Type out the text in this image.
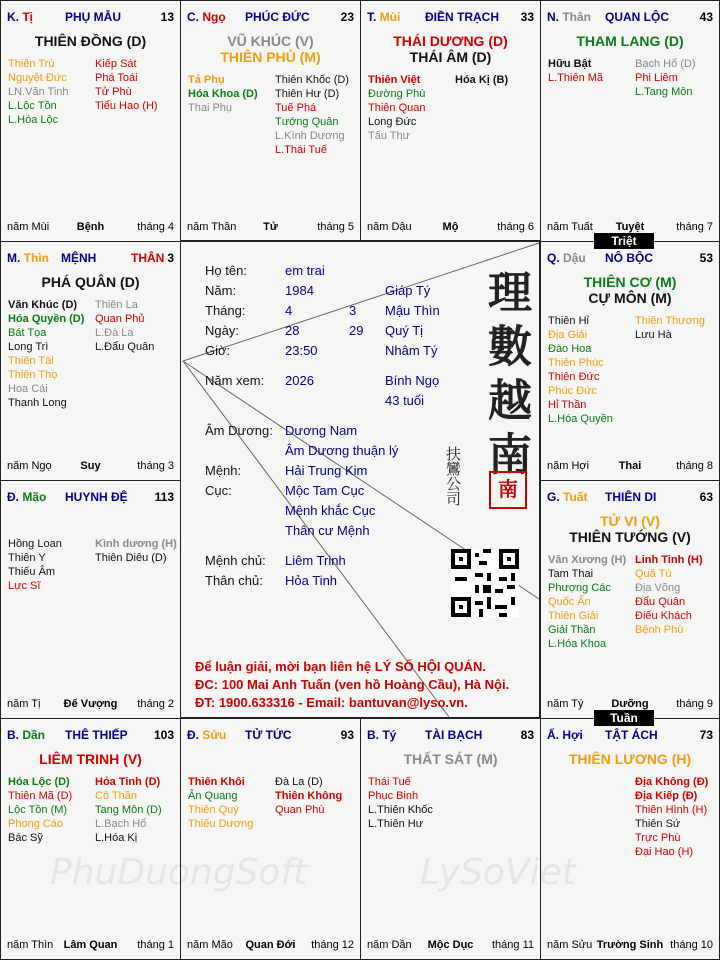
PhuDuongSoft	LySoViet
K. Tị	PHỤ MẪU	13
THIÊN ĐỒNG (D)
Thiên Trù
Nguyệt Đức
LN.Văn Tinh
L.Lộc Tồn
L.Hóa Lộc
Kiếp Sát
Phá Toái
Tử Phù
Tiểu Hao (H)
năm Mùi	Bệnh	tháng 4
C. Ngọ PHÚC ĐỨC	23
VŨ KHÚC (V)
THIÊN PHỦ (M)
Tả Phụ
Hóa Khoa (D)
Thai Phụ
Thiên Khốc (D)
Thiên Hư (D)
Tuế Phá
Tướng Quân
L.Kình Dương
L.Thái Tuế
năm Thân	Tử	tháng 5
T. Mùi ĐIỀN TRẠCH 33
THÁI DƯƠNG (D)
THÁI ÂM (D)
Thiên Việt
Đường Phù
Thiên Quan
Long Đức
Tấu Thư
Hóa Kị (B)
năm Dậu	Mộ	tháng 6
N. Thân QUAN LỘC	43
THAM LANG (D)
Hữu Bật
L.Thiên Mã
Bạch Hổ (D)
Phi Liêm
L.Tang Môn
năm Tuất	Tuyệt	tháng 7
M. Thìn MỆNH	THÂN 3
PHÁ QUÂN (D)
Văn Khúc (D)
Hóa Quyền (D)
Bát Tọa
Long Trì
Thiên Tài
Thiên Thọ
Hoa Cái
Thanh Long
Thiên La
Quan Phủ
L.Đà La
L.Đẩu Quân
năm Ngọ	Suy	tháng 3
Q. Dậu NÔ BỘC	53
THIÊN CƠ (M)
CỰ MÔN (M)
Thiên Hỉ
Địa Giải
Đào Hoa
Thiên Phúc
Thiên Đức
Phúc Đức
Hỉ Thần
L.Hóa Quyền
Thiên Thương
Lưu Hà
năm Hợi	Thai	tháng 8
Đ. Mão HUYNH ĐỆ 113
Hồng Loan
Thiên Y
Thiếu Âm
Lực Sĩ
Kình dương (H)
Thiên Diêu (D)
năm Tị	Đế Vượng	tháng 2
G. Tuất THIÊN DI	63
TỬ VI (V)
THIÊN TƯỚNG (V)
Văn Xương (H)
Tam Thai
Phượng Các
Quốc Ấn
Thiên Giải
Giải Thần
L.Hóa Khoa
Linh Tinh (H)
Quả Tú
Địa Võng
Đẩu Quân
Điếu Khách
Bệnh Phù
năm Tý	Dưỡng	tháng 9
B. Dần THÊ THIẾP 103
LIÊM TRINH (V)
Hóa Lộc (D)
Thiên Mã (D)
Lộc Tồn (M)
Phong Cáo
Bác Sỹ
Hỏa Tinh (D)
Cô Thần
Tang Môn (D)
L.Bạch Hổ
L.Hóa Kị
năm Thìn Lâm Quan	tháng 1
Đ. Sửu TỬ TỨC	93
Thiên Khôi
Ân Quang
Thiên Quý
Thiếu Dương
Đà La (D)
Thiên Không
Quan Phù
năm Mão	Quan Đới	tháng 12
B. Tý TÀI BẠCH	83
THẤT SÁT (M)
Thái Tuế
Phục Binh
L.Thiên Khốc
L.Thiên Hư
năm Dần	Mộc Dục	tháng 11
Ấ. Hợi TẬT ÁCH	73
THIÊN LƯƠNG (H)
Địa Không (Đ)
Địa Kiếp (Đ)
Thiên Hình (H)
Thiên Sứ
Trực Phù
Đại Hao (H)
năm Sửu Trường Sinh tháng 10
Họ tên:	em trai
Năm:	1984	Giáp Tý
Tháng:	4	3 Mậu Thìn
Ngày:	28	29 Quý Tị
Giờ:	23:50	Nhâm Tý
Năm xem: 2026	Bính Ngọ
43 tuổi
Âm Dương: Dương Nam
Âm Dương thuận lý
Mệnh:	Hải Trung Kim
Cục:	Mộc Tam Cục
Mệnh khắc Cục
Thân cư Mệnh
Mệnh chủ: Liêm Trinh
Thân chủ: Hỏa Tinh
理數越南
扶鸞公司	南
Để luận giải, mời bạn liên hệ LÝ SỐ HỘI QUÁN.
ĐC: 100 Mai Anh Tuấn (ven hồ Hoàng Cầu), Hà Nội.
ĐT: 1900.633316 - Email: bantuvan@lyso.vn.
Triệt
Tuần
